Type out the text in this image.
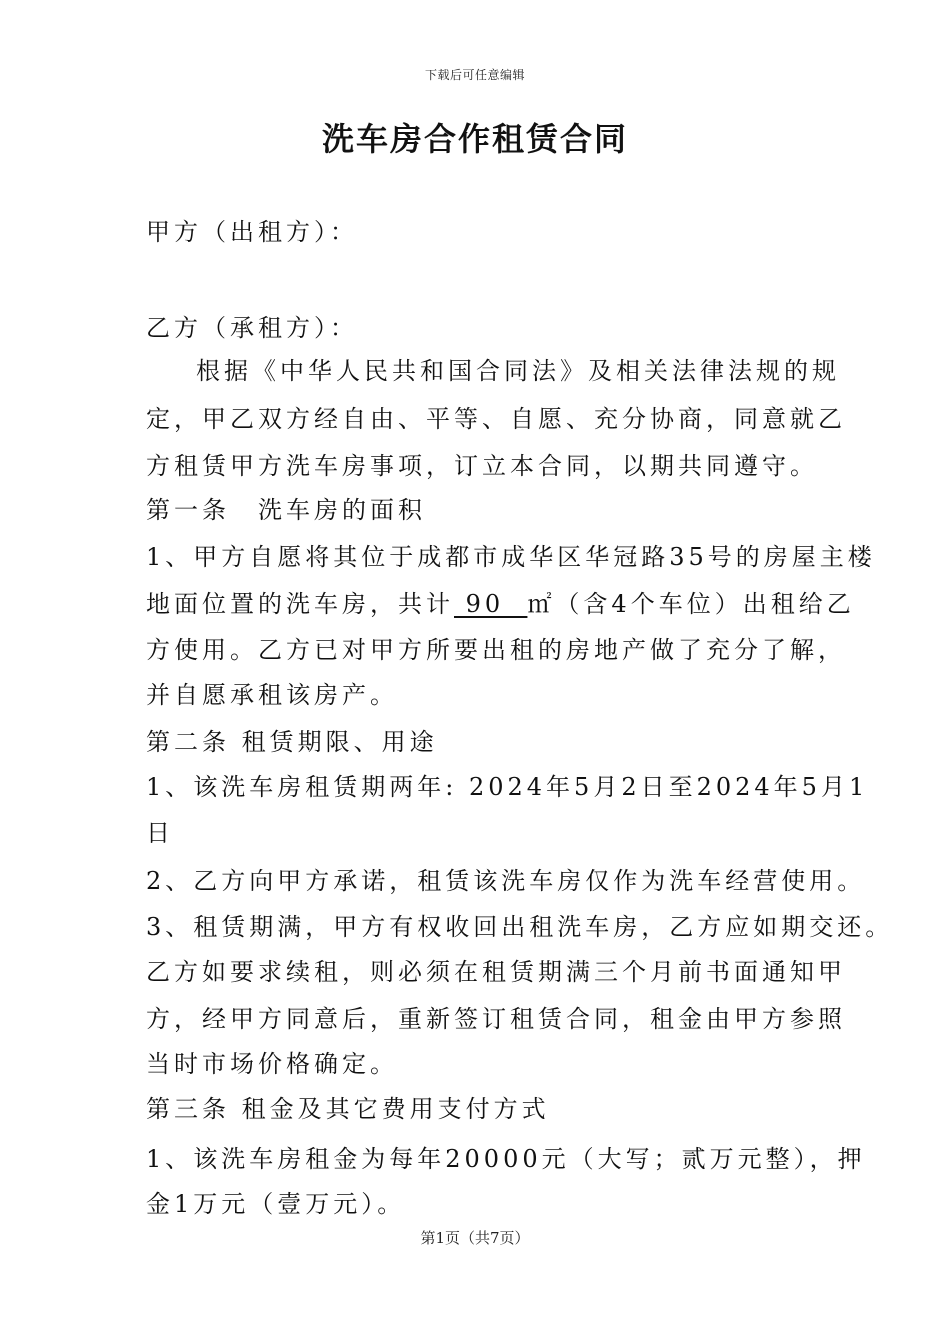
下载后可任意编辑
洗车房合作租赁合同
甲方（出租方）：
乙方（承租方）：
根据《中华人民共和国合同法》及相关法律法规的规
定，甲乙双方经自由、平等、自愿、充分协商，同意就乙
方租赁甲方洗车房事项，订立本合同，以期共同遵守。
第一条　洗车房的面积
1、甲方自愿将其位于成都市成华区华冠路35号的房屋主楼
地面位置的洗车房，共计 90  ㎡（含4个车位）出租给乙
方使用。乙方已对甲方所要出租的房地产做了充分了解，
并自愿承租该房产。
第二条 租赁期限、用途
1、该洗车房租赁期两年: 2024年5月2日至2024年5月1
日
2、乙方向甲方承诺，租赁该洗车房仅作为洗车经营使用。
3、租赁期满，甲方有权收回出租洗车房，乙方应如期交还。
乙方如要求续租，则必须在租赁期满三个月前书面通知甲
方，经甲方同意后，重新签订租赁合同，租金由甲方参照
当时市场价格确定。
第三条 租金及其它费用支付方式
1、该洗车房租金为每年20000元（大写；贰万元整），押
金1万元（壹万元）。
第1页（共7页）
